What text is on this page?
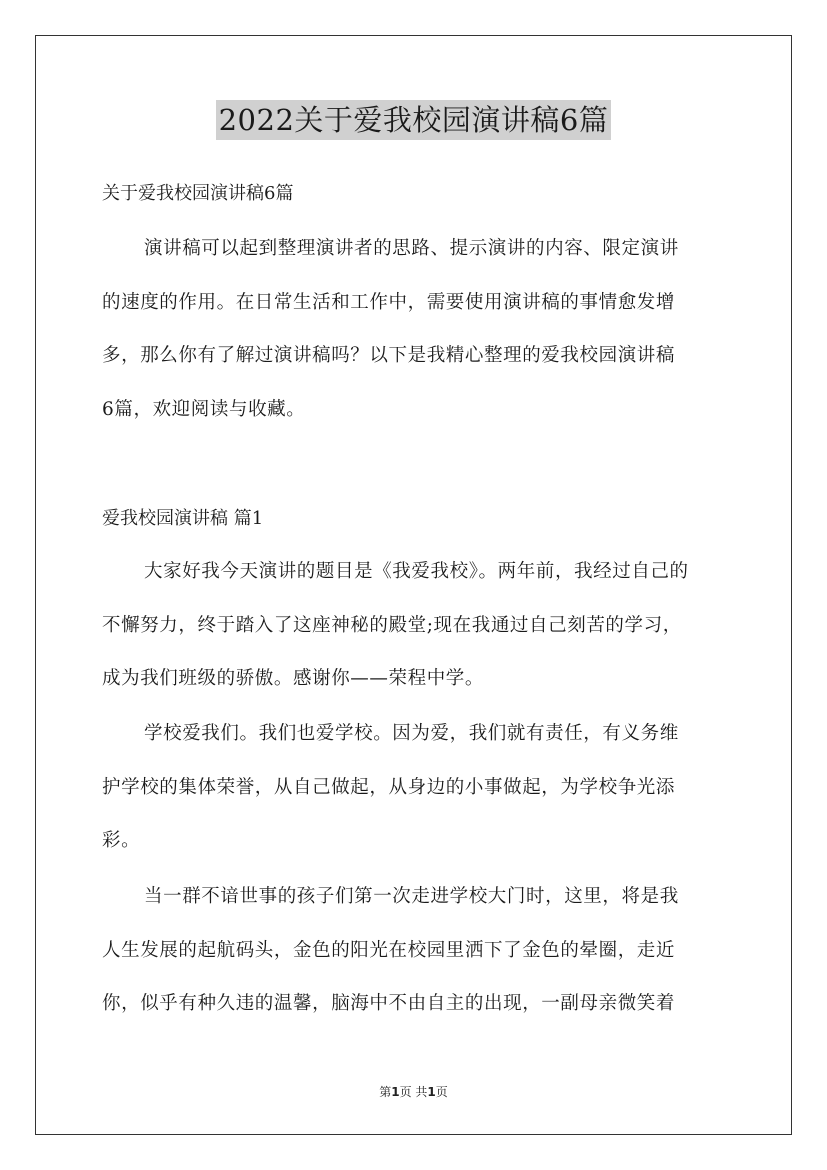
2022关于爱我校园演讲稿6篇

关于爱我校园演讲稿6篇

演讲稿可以起到整理演讲者的思路、提示演讲的内容、限定演讲
的速度的作用。在日常生活和工作中，需要使用演讲稿的事情愈发增
多，那么你有了解过演讲稿吗？以下是我精心整理的爱我校园演讲稿
6篇，欢迎阅读与收藏。

爱我校园演讲稿 篇1

大家好我今天演讲的题目是《我爱我校》。两年前，我经过自己的
不懈努力，终于踏入了这座神秘的殿堂;现在我通过自己刻苦的学习，
成为我们班级的骄傲。感谢你——荣程中学。
学校爱我们。我们也爱学校。因为爱，我们就有责任，有义务维
护学校的集体荣誉，从自己做起，从身边的小事做起，为学校争光添
彩。
当一群不谙世事的孩子们第一次走进学校大门时，这里，将是我
人生发展的起航码头，金色的阳光在校园里洒下了金色的晕圈，走近
你，似乎有种久违的温馨，脑海中不由自主的出现，一副母亲微笑着
第1页 共1页
